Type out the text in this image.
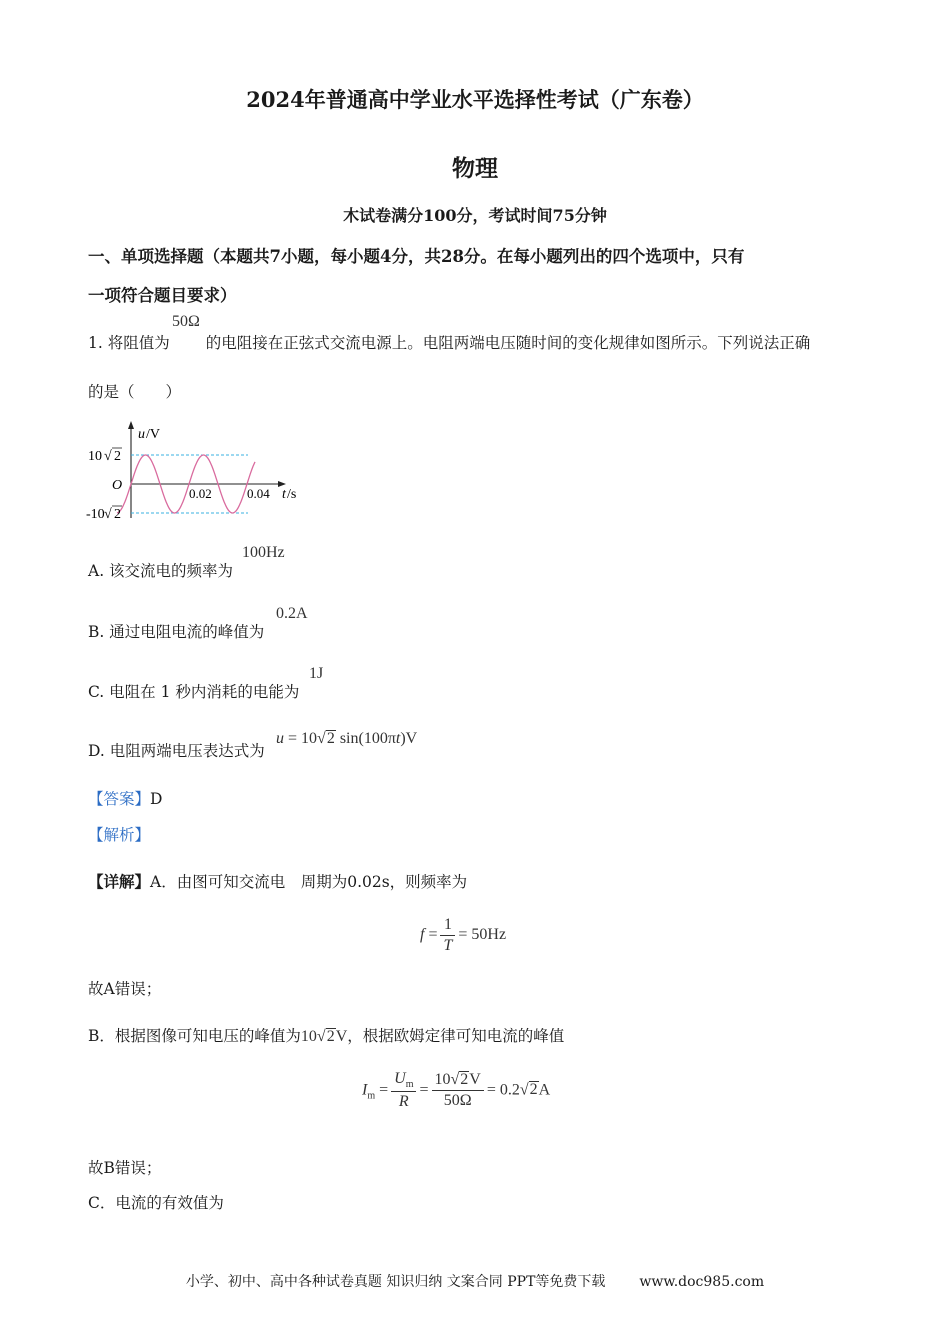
2024年普通高中学业水平选择性考试（广东卷）
物理
木试卷满分100分，考试时间75分钟
一、单项选择题（本题共7小题，每小题4分，共28分。在每小题列出的四个选项中，只有
一项符合题目要求）
1. 将阻值为 的电阻接在正弦式交流电源上。电阻两端电压随时间的变化规律如图所示。下列说法正确
50Ω
的是（　　）
u /V
10 √ 2
O
-10 √ 2
0.02	0.04 t /s
A. 该交流电的频率为
100Hz
B. 通过电阻电流的峰值为
0.2A
C. 电阻在 1 秒内消耗的电能为
1J
D. 电阻两端电压表达式为
u = 10√2 sin(100πt)V
【答案】D
【解析】
【详解】A．由图可知交流电　周期为0.02s，则频率为
$f = \frac{1}{T} = 50Hz$
故A错误；
B．根据图像可知电压的峰值为10√2V，根据欧姆定律可知电流的峰值
$I_m = \frac{U_m}{R} = \frac{10√2V}{50\Omega} = 0.2√2A$
故B错误；
C．电流的有效值为
小学、初中、高中各种试卷真题 知识归纳 文案合同 PPT等免费下载 www.doc985.com
